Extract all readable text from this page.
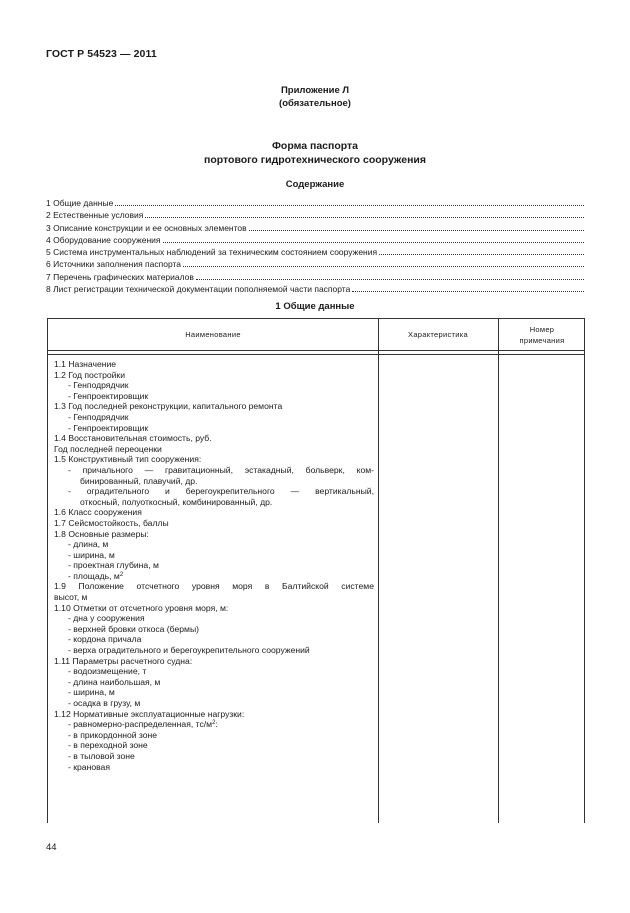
ГОСТ Р 54523 — 2011
Приложение Л
(обязательное)
Форма паспорта
портового гидротехнического сооружения
Содержание
1 Общие данные
2 Естественные условия
3 Описание конструкции и ее основных элементов
4 Оборудование сооружения
5 Система инструментальных наблюдений за техническим состоянием сооружения
6 Источники заполнения паспорта
7 Перечень графических материалов
8 Лист регистрации технической документации пополняемой части паспорта
1 Общие данные
Наименование	Характеристика
Номер
примечания
1.1 Назначение
1.2 Год постройки
- Генподрядчик
- Генпроектировщик
1.3 Год последней реконструкции, капитального ремонта
- Генподрядчик
- Генпроектировщик
1.4 Восстановительная стоимость, руб.
Год последней переоценки
1.5 Конструктивный тип сооружения:
- причального — гравитационный, эстакадный, больверк, ком-
бинированный, плавучий, др.
- оградительного и берегоукрепительного — вертикальный,
откосный, полуоткосный, комбинированный, др.
1.6 Класс сооружения
1.7 Сейсмостойкость, баллы
1.8 Основные размеры:
- длина, м
- ширина, м
- проектная глубина, м
- площадь, $м^2$
1.9 Положение отсчетного уровня моря в Балтийской системе
высот, м
1.10 Отметки от отсчетного уровня моря, м:
- дна у сооружения
- верхней бровки откоса (бермы)
- кордона причала
- верха оградительного и берегоукрепительного сооружений
1.11 Параметры расчетного судна:
- водоизмещение, т
- длина наибольшая, м
- ширина, м
- осадка в грузу, м
1.12 Нормативные эксплуатационные нагрузки:
- равномерно-распределенная, $тс/м^2$:
- в прикордонной зоне
- в переходной зоне
- в тыловой зоне
- крановая
44
